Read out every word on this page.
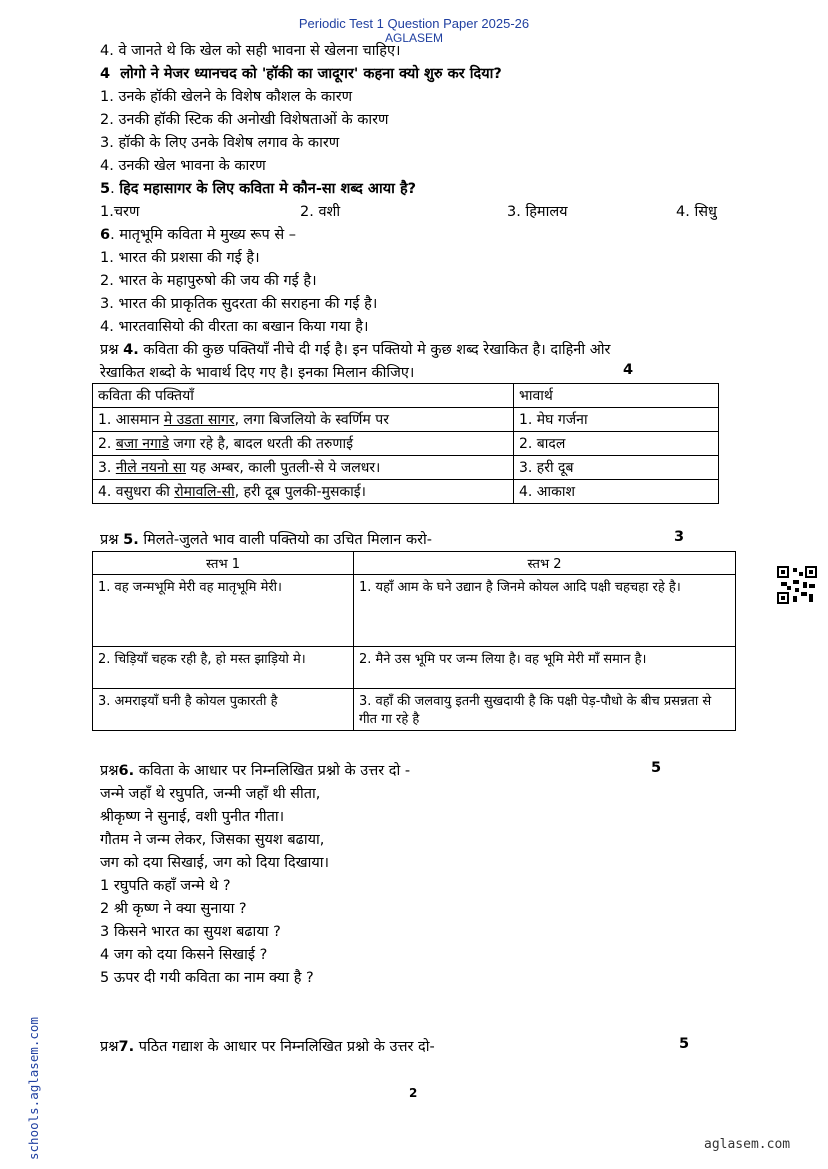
Periodic Test 1 Question Paper 2025-26
AGLASEM
4. वे जानते थे कि खेल को सही भावना से खेलना चाहिए।
4 लोगो ने मेजर ध्यानचद को 'हॉकी का जादूगर' कहना क्यो शुरु कर दिया?
1. उनके हॉकी खेलने के विशेष कौशल के कारण
2. उनकी हॉकी स्टिक की अनोखी विशेषताओं के कारण
3. हॉकी के लिए उनके विशेष लगाव के कारण
4. उनकी खेल भावना के कारण
5. हिद महासागर के लिए कविता मे कौन-सा शब्द आया है?
1.चरण	2. वशी	3. हिमालय	4. सिधु
6. मातृभूमि कविता मे मुख्य रूप से –
1. भारत की प्रशसा की गई है।
2. भारत के महापुरुषो की जय की गई है।
3. भारत की प्राकृतिक सुदरता की सराहना की गई है।
4. भारतवासियो की वीरता का बखान किया गया है।
प्रश्न 4. कविता की कुछ पक्तियाँ नीचे दी गई है। इन पक्तियो मे कुछ शब्द रेखाकित है। दाहिनी ओर
रेखाकित शब्दो के भावार्थ दिए गए है। इनका मिलान कीजिए।	4
कविता की पक्तियाँ	भावार्थ
1. आसमान मे उडता सागर, लगा बिजलियो के स्वर्णिम पर	1. मेघ गर्जना
2. बजा नगाडे जगा रहे है, बादल धरती की तरुणाई	2. बादल
3. नीले नयनो सा यह अम्बर, काली पुतली-से ये जलधर।	3. हरी दूब
4. वसुधरा की रोमावलि-सी, हरी दूब पुलकी-मुसकाई।	4. आकाश
प्रश्न 5. मिलते-जुलते भाव वाली पक्तियो का उचित मिलान करो-	3
स्तभ 1	स्तभ 2
1. वह जन्मभूमि मेरी वह मातृभूमि मेरी।	1. यहाँ आम के घने उद्यान है जिनमे कोयल आदि पक्षी चहचहा रहे है।
2. चिड़ियाँ चहक रही है, हो मस्त झाड़ियो मे।	2. मैने उस भूमि पर जन्म लिया है। वह भूमि मेरी माँ समान है।
3. अमराइयाँ घनी है कोयल पुकारती है	3. वहाँ की जलवायु इतनी सुखदायी है कि पक्षी पेड़-पौधो के बीच प्रसन्नता से गीत गा रहे है
प्रश्न6. कविता के आधार पर निम्नलिखित प्रश्नो के उत्तर दो -	5
जन्मे जहाँ थे रघुपति, जन्मी जहाँ थी सीता,
श्रीकृष्ण ने सुनाई, वशी पुनीत गीता।
गौतम ने जन्म लेकर, जिसका सुयश बढाया,
जग को दया सिखाई, जग को दिया दिखाया।
1 रघुपति कहाँ जन्मे थे ?
2 श्री कृष्ण ने क्या सुनाया ?
3 किसने भारत का सुयश बढाया ?
4 जग को दया किसने सिखाई ?
5 ऊपर दी गयी कविता का नाम क्या है ?
प्रश्न7. पठित गद्याश के आधार पर निम्नलिखित प्रश्नो के उत्तर दो-	5
2
schools.aglasem.com	aglasem.com
